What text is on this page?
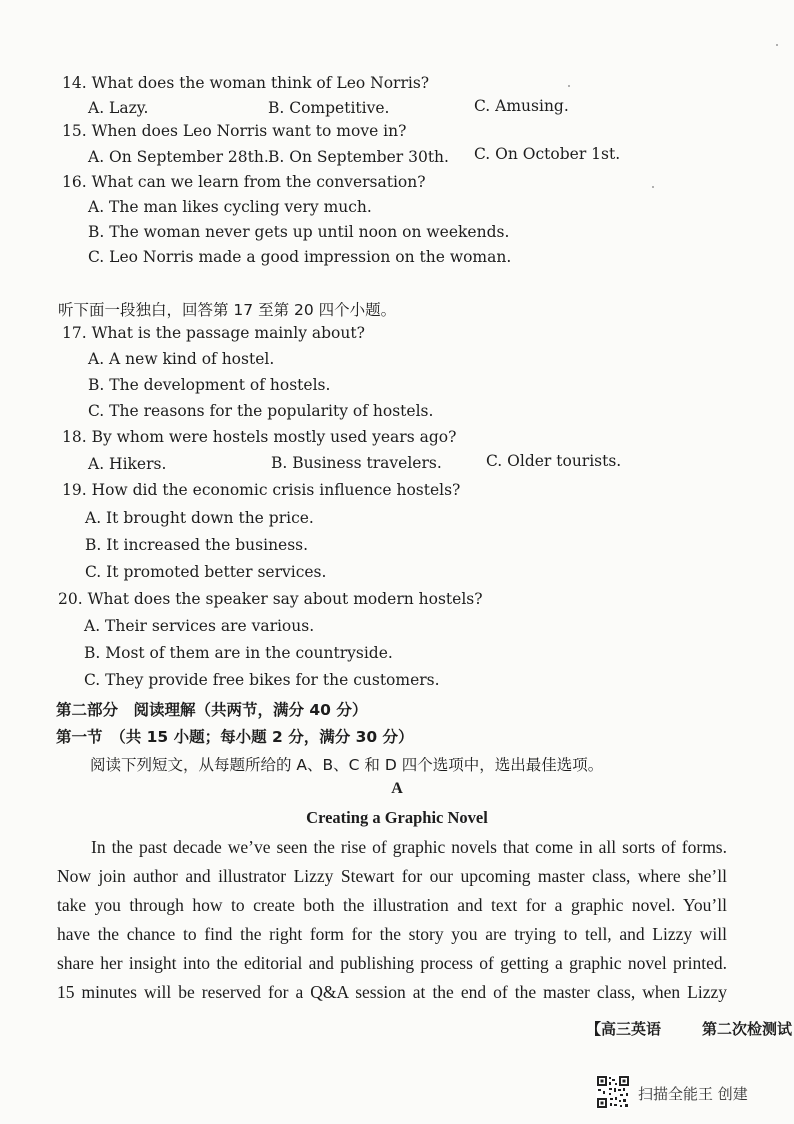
14. What does the woman think of Leo Norris?
A. Lazy.	B. Competitive.	C. Amusing.
15. When does Leo Norris want to move in?
A. On September 28th. B. On September 30th. C. On October 1st.
16. What can we learn from the conversation?
A. The man likes cycling very much.
B. The woman never gets up until noon on weekends.
C. Leo Norris made a good impression on the woman.
听下面一段独白，回答第 17 至第 20 四个小题。
17. What is the passage mainly about?
A. A new kind of hostel.
B. The development of hostels.
C. The reasons for the popularity of hostels.
18. By whom were hostels mostly used years ago?
A. Hikers.	B. Business travelers.	C. Older tourists.
19. How did the economic crisis influence hostels?
A. It brought down the price.
B. It increased the business.
C. It promoted better services.
20. What does the speaker say about modern hostels?
A. Their services are various.
B. Most of them are in the countryside.
C. They provide free bikes for the customers.
第二部分　阅读理解（共两节，满分 40 分）
第一节　（共 15 小题；每小题 2 分，满分 30 分）
阅读下列短文，从每题所给的 A、B、C 和 D 四个选项中，选出最佳选项。
A
Creating a Graphic Novel
In the past decade we’ve seen the rise of graphic novels that come in all sorts of forms.
Now join author and illustrator Lizzy Stewart for our upcoming master class, where she’ll
take you through how to create both the illustration and text for a graphic novel. You’ll
have the chance to find the right form for the story you are trying to tell, and Lizzy will
share her insight into the editorial and publishing process of getting a graphic novel printed.
15 minutes will be reserved for a Q&A session at the end of the master class, when Lizzy
【高三英语	第二次检测试
扫描全能王 创建
